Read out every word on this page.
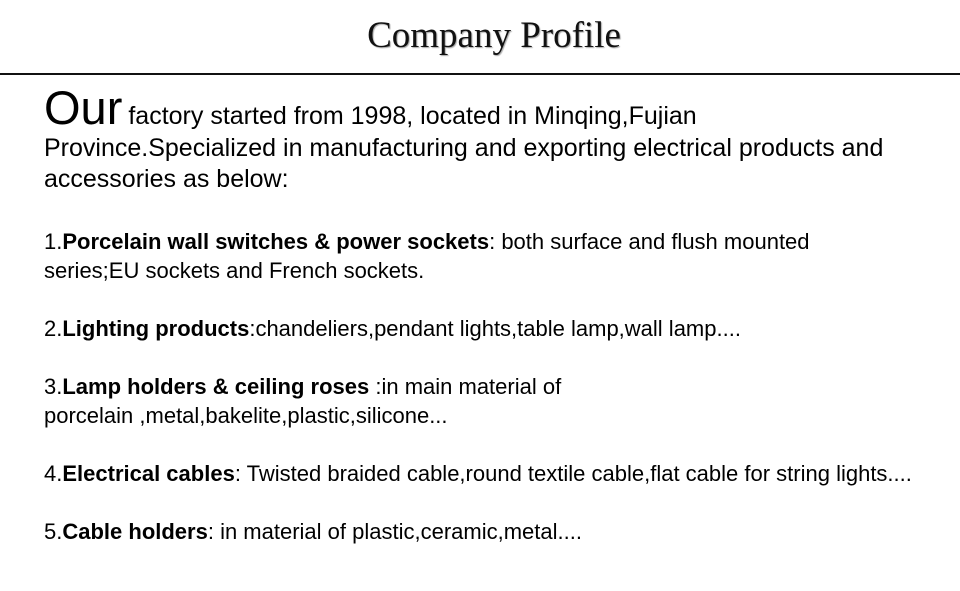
Company Profile

Our factory started from 1998, located in Minqing,Fujian Province.Specialized in manufacturing and exporting electrical products and accessories as below:

1.Porcelain wall switches & power sockets: both surface and flush mounted series;EU sockets and French sockets.

2.Lighting products:chandeliers,pendant lights,table lamp,wall lamp....

3.Lamp holders & ceiling roses :in main material of porcelain ,metal,bakelite,plastic,silicone...

4.Electrical cables: Twisted braided cable,round textile cable,flat cable for string lights....

5.Cable holders: in material of plastic,ceramic,metal....
